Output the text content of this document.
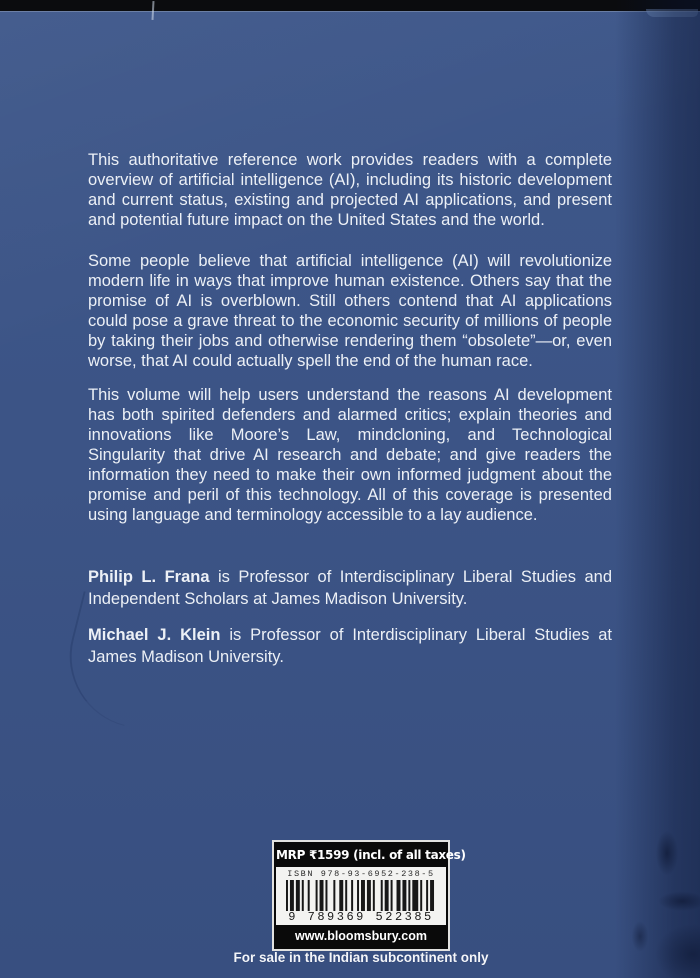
This authoritative reference work provides readers with a complete overview of artificial intelligence (AI), including its historic development and current status, existing and projected AI applications, and present and potential future impact on the United States and the world.

Some people believe that artificial intelligence (AI) will revolutionize modern life in ways that improve human existence. Others say that the promise of AI is overblown. Still others contend that AI applications could pose a grave threat to the economic security of millions of people by taking their jobs and otherwise rendering them “obsolete”—or, even worse, that AI could actually spell the end of the human race.

This volume will help users understand the reasons AI development has both spirited defenders and alarmed critics; explain theories and innovations like Moore’s Law, mindcloning, and Technological Singularity that drive AI research and debate; and give readers the information they need to make their own informed judgment about the promise and peril of this technology. All of this coverage is presented using language and terminology accessible to a lay audience.

Philip L. Frana is Professor of Interdisciplinary Liberal Studies and Independent Scholars at James Madison University.

Michael J. Klein is Professor of Interdisciplinary Liberal Studies at James Madison University.

MRP ₹1599 (incl. of all taxes)
ISBN 978-93-6952-238-5
9 789369 522385
www.bloomsbury.com
For sale in the Indian subcontinent only
